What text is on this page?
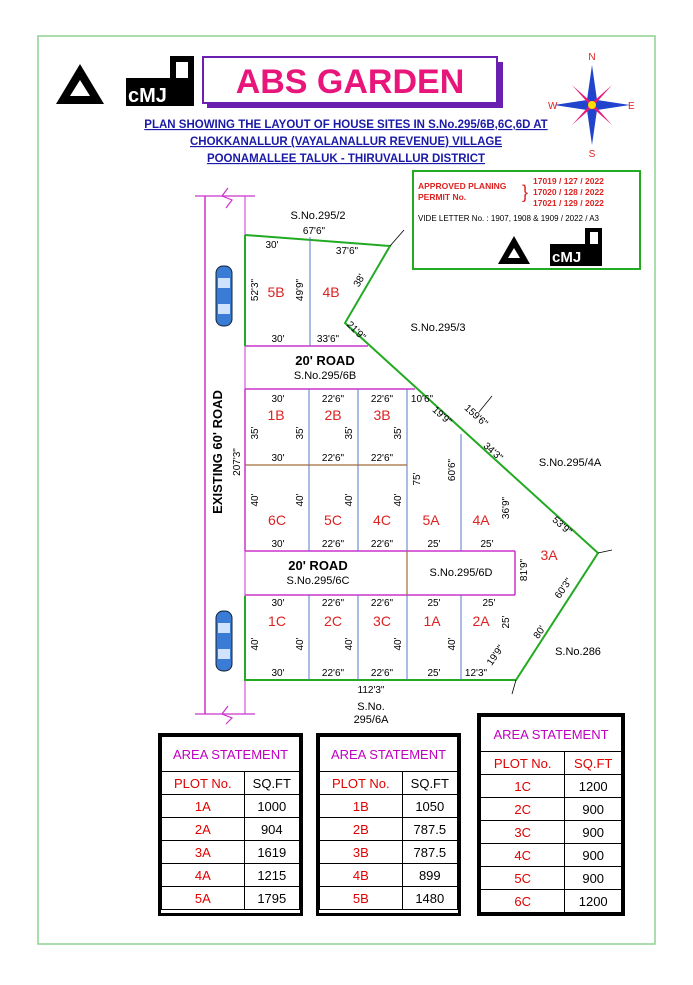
cMJ ABS GARDEN
N
S
E
W
PLAN SHOWING THE LAYOUT OF HOUSE SITES IN S.No.295/6B,6C,6D AT
CHOKKANALLUR (VAYALANALLUR REVENUE) VILLAGE
POONAMALLEE TALUK - THIRUVALLUR DISTRICT
APPROVED PLANING
PERMIT No.	}
17019 / 127 / 2022
17020 / 128 / 2022
17021 / 129 / 2022
VIDE LETTER No. : 1907, 1908 & 1909 / 2022 / A3
cMJ
S.No.295/2
S.No.295/3
S.No.295/4A
S.No.286
S.No.295/6D
S.No.
295/6A
20' ROAD
S.No.295/6B
20' ROAD
S.No.295/6C
EXISTING 60' ROAD
5B	4B
1B	2B 3B
6C	5C 4C 5A 4A
3A
1C	2C 3C 1A 2A
67'6"
30'
37'6"
52'3"	49'9"	38'
30'	33'6" 21'9"
30'	22'6"	22'6" 10'6"
19'9" 159'6"
35'	35'	35'	35'
30'	22'6"	22'6"
75' 60'6"
34'3"
36'9"
53'9"
207'3"
40'	40'	40'	40'
30'	22'6"	22'6"	25'	25'
81'9"
60'3"
80'
30'	22'6"	22'6"	25'	25'
40'	40'	40'	40'	40'
25'
19'9"
30'	22'6"	22'6"	25' 12'3"
112'3"
AREA STATEMENT	
PLOT No.	SQ.FT
1A	1000
2A	904
3A	1619
4A	1215
5A	1795
AREA STATEMENT	
PLOT No.	SQ.FT
1B	1050
2B	787.5
3B	787.5
4B	899
5B	1480
AREA STATEMENT	
PLOT No.	SQ.FT
1C	1200
2C	900
3C	900
4C	900
5C	900
6C	1200
